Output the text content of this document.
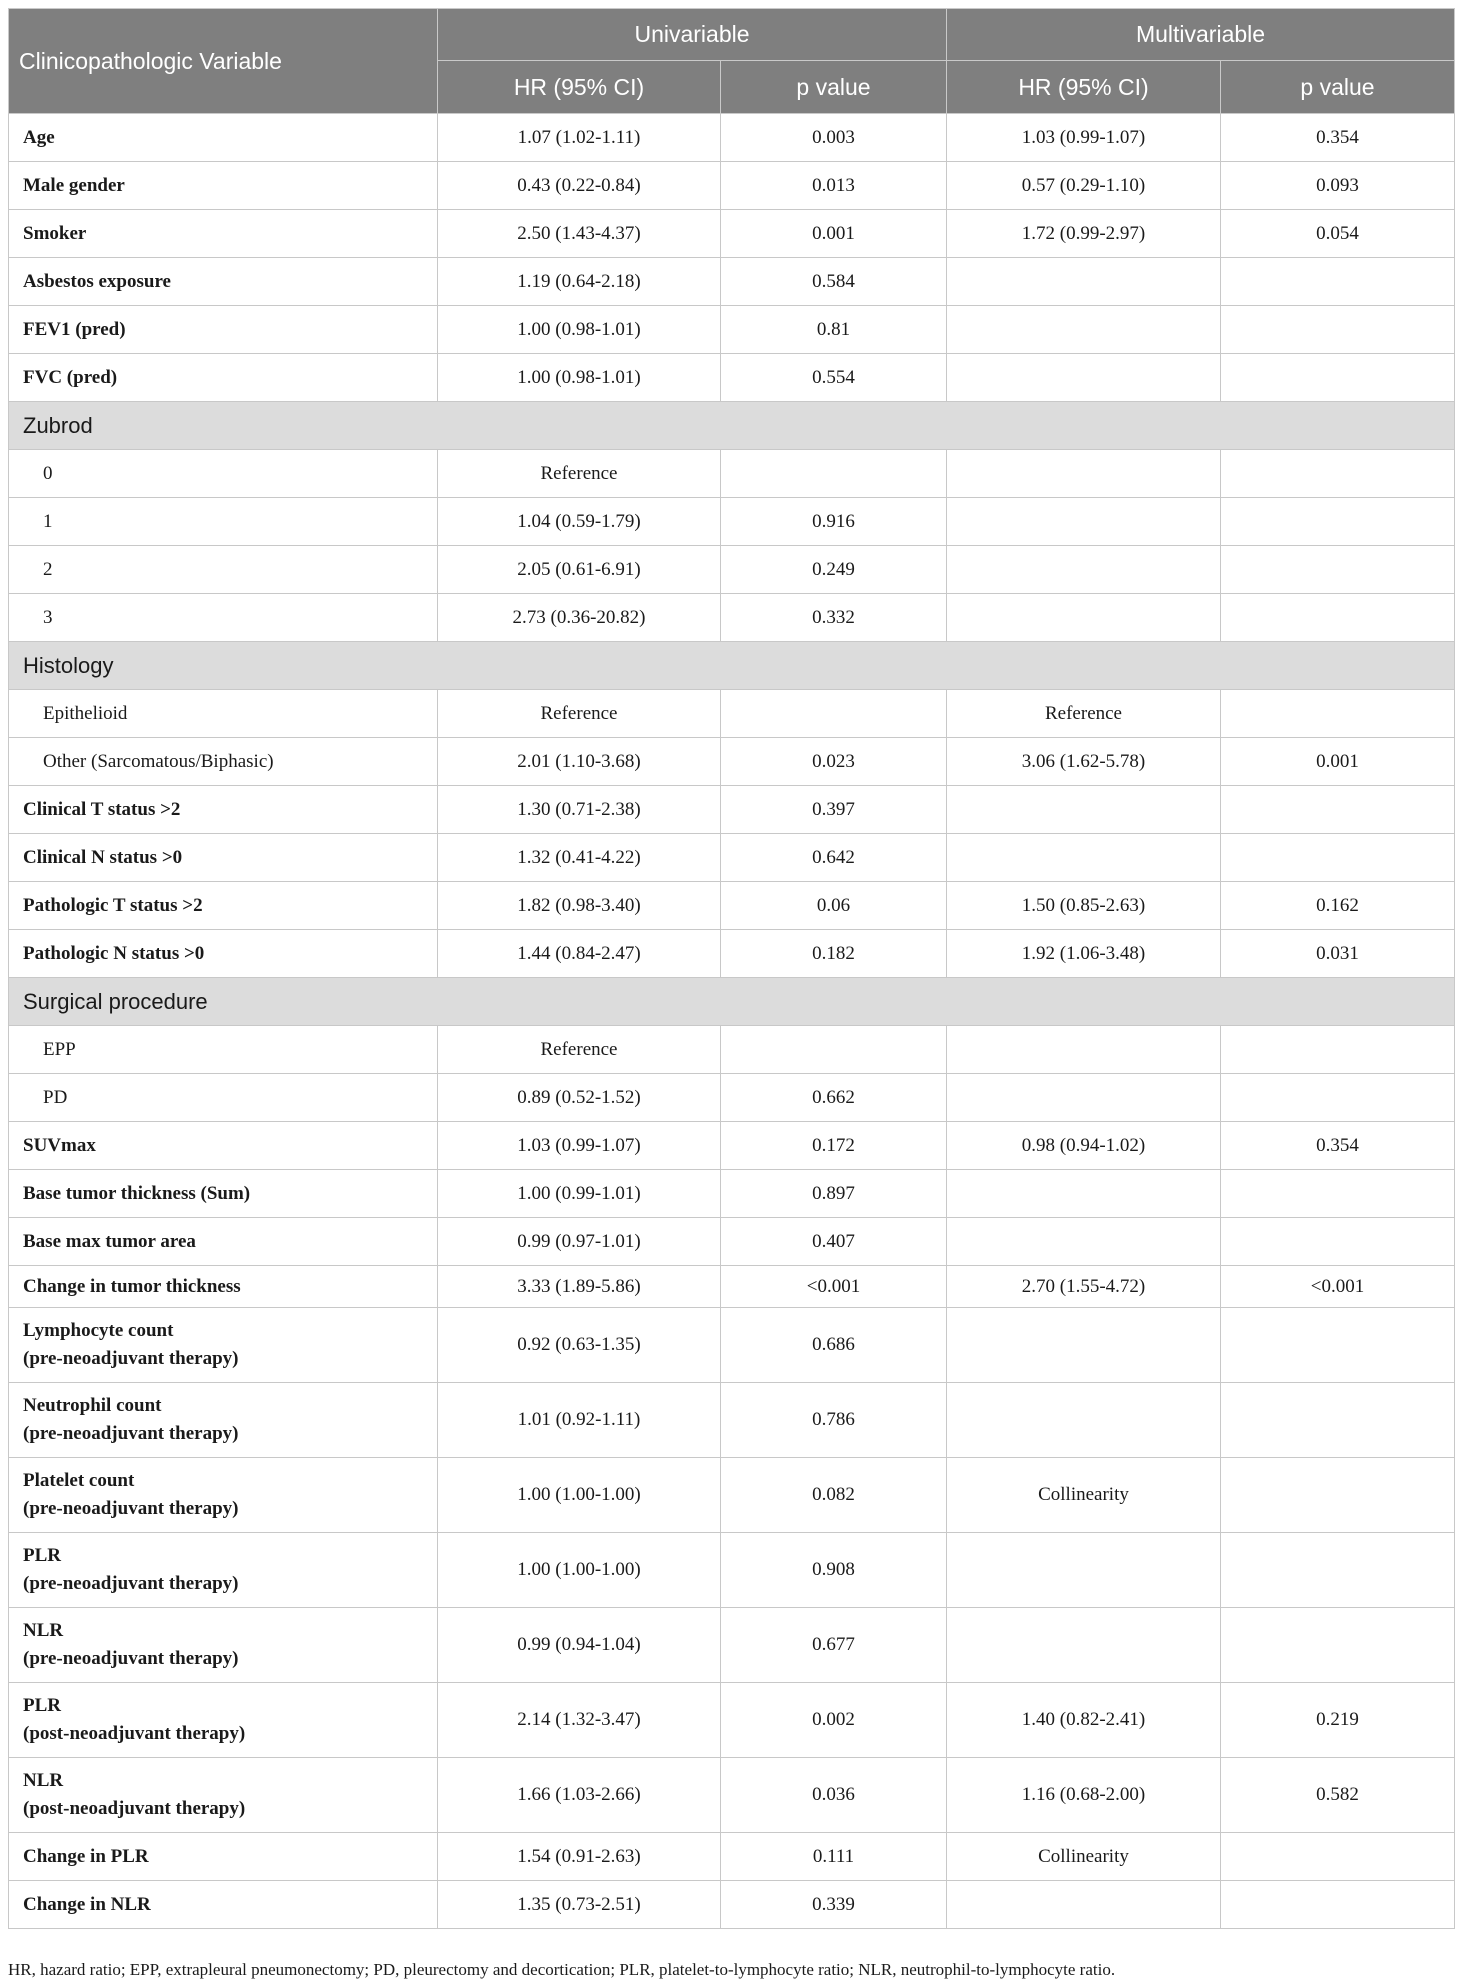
Clinicopathologic Variable	Univariable		Multivariable	
	HR (95% CI)	p value	HR (95% CI)	p value
Age	1.07 (1.02-1.11)	0.003	1.03 (0.99-1.07)	0.354
Male gender	0.43 (0.22-0.84)	0.013	0.57 (0.29-1.10)	0.093
Smoker	2.50 (1.43-4.37)	0.001	1.72 (0.99-2.97)	0.054
Asbestos exposure	1.19 (0.64-2.18)	0.584		
FEV1 (pred)	1.00 (0.98-1.01)	0.81		
FVC (pred)	1.00 (0.98-1.01)	0.554		
Zubrod				
0	Reference			
1	1.04 (0.59-1.79)	0.916		
2	2.05 (0.61-6.91)	0.249		
3	2.73 (0.36-20.82)	0.332		
Histology				
Epithelioid	Reference		Reference	
Other (Sarcomatous/Biphasic)	2.01 (1.10-3.68)	0.023	3.06 (1.62-5.78)	0.001
Clinical T status >2	1.30 (0.71-2.38)	0.397		
Clinical N status >0	1.32 (0.41-4.22)	0.642		
Pathologic T status >2	1.82 (0.98-3.40)	0.06	1.50 (0.85-2.63)	0.162
Pathologic N status >0	1.44 (0.84-2.47)	0.182	1.92 (1.06-3.48)	0.031
Surgical procedure				
EPP	Reference			
PD	0.89 (0.52-1.52)	0.662		
SUVmax	1.03 (0.99-1.07)	0.172	0.98 (0.94-1.02)	0.354
Base tumor thickness (Sum)	1.00 (0.99-1.01)	0.897		
Base max tumor area	0.99 (0.97-1.01)	0.407		
Change in tumor thickness	3.33 (1.89-5.86)	<0.001	2.70 (1.55-4.72)	<0.001

Lymphocyte count
(pre-neoadjuvant therapy)	0.92 (0.63-1.35)	0.686		

Neutrophil count
(pre-neoadjuvant therapy)	1.01 (0.92-1.11)	0.786		

Platelet count
(pre-neoadjuvant therapy)	1.00 (1.00-1.00)	0.082	Collinearity	

PLR
(pre-neoadjuvant therapy)	1.00 (1.00-1.00)	0.908		

NLR
(pre-neoadjuvant therapy)	0.99 (0.94-1.04)	0.677		

PLR
(post-neoadjuvant therapy)	2.14 (1.32-3.47)	0.002	1.40 (0.82-2.41)	0.219

NLR
(post-neoadjuvant therapy)	1.66 (1.03-2.66)	0.036	1.16 (0.68-2.00)	0.582
Change in PLR	1.54 (0.91-2.63)	0.111	Collinearity	
Change in NLR	1.35 (0.73-2.51)	0.339		
HR, hazard ratio; EPP, extrapleural pneumonectomy; PD, pleurectomy and decortication; PLR, platelet-to-lymphocyte ratio; NLR, neutrophil-to-lymphocyte ratio.
